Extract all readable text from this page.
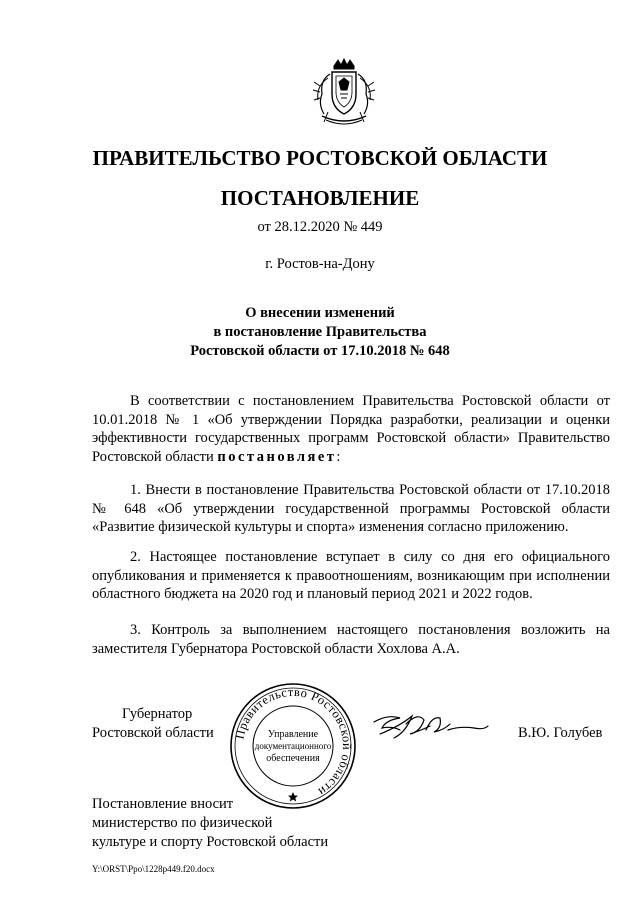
ПРАВИТЕЛЬСТВО РОСТОВСКОЙ ОБЛАСТИ
ПОСТАНОВЛЕНИЕ
от 28.12.2020 № 449
г. Ростов-на-Дону
О внесении изменений
в постановление Правительства
Ростовской области от 17.10.2018 № 648

В соответствии с постановлением Правительства Ростовской области от 10.01.2018 № 1 «Об утверждении Порядка разработки, реализации и оценки эффективности государственных программ Ростовской области» Правительство Ростовской области постановляет:

1. Внести в постановление Правительства Ростовской области от 17.10.2018 № 648 «Об утверждении государственной программы Ростовской области «Развитие физической культуры и спорта» изменения согласно приложению.

2. Настоящее постановление вступает в силу со дня его официального опубликования и применяется к правоотношениям, возникающим при исполнении областного бюджета на 2020 год и плановый период 2021 и 2022 годов.

3. Контроль за выполнением настоящего постановления возложить на заместителя Губернатора Ростовской области Хохлова А.А.

Губернатор
Ростовской области Правительство Ростовской области
Управление
документационного
обеспечения
В.Ю. Голубев
Постановление вносит
министерство по физической
культуре и спорту Ростовской области
Y:\ORST\Ppo\1228p449.f20.docx
